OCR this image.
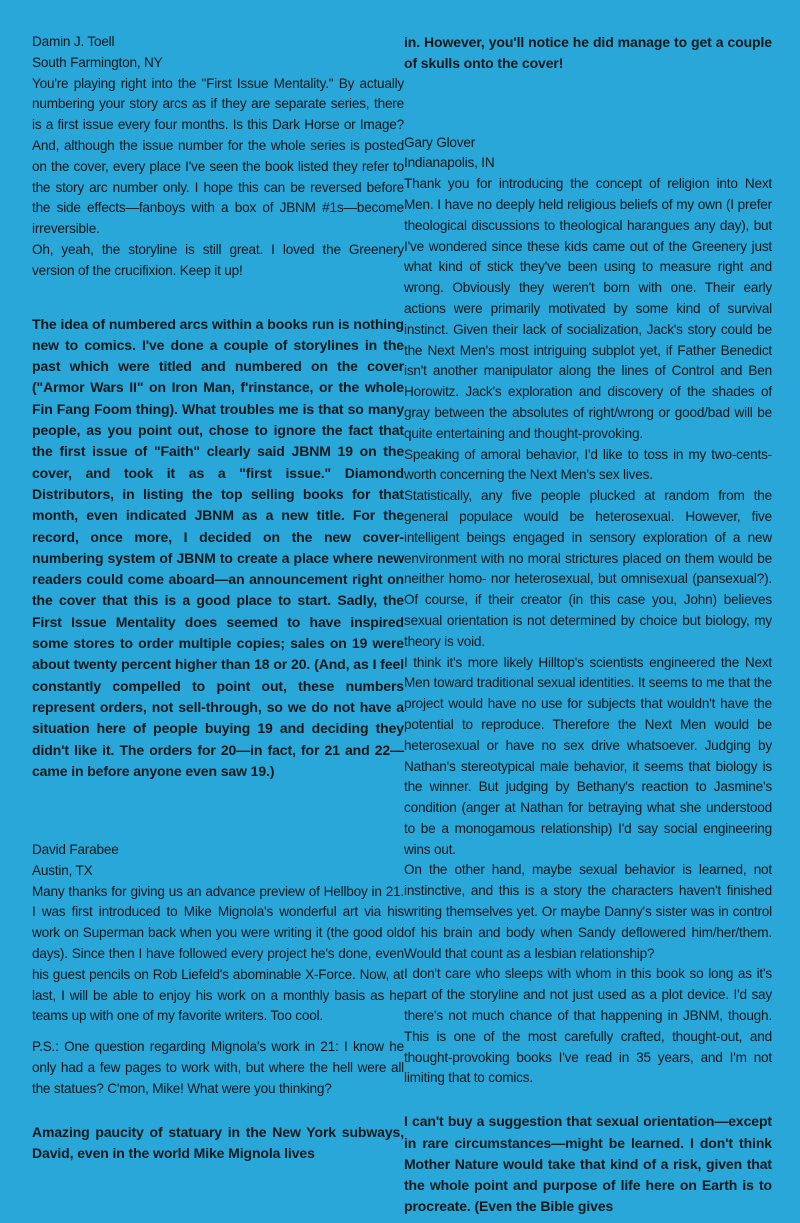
Damin J. Toell

South Farmington, NY

You're playing right into the "First Issue Mentality." By actually numbering your story arcs as if they are separate series, there is a first issue every four months. Is this Dark Horse or Image? And, although the issue number for the whole series is posted on the cover, every place I've seen the book listed they refer to the story arc number only. I hope this can be reversed before the side effects—fanboys with a box of JBNM #1s—become irreversible.

Oh, yeah, the storyline is still great. I loved the Greenery version of the crucifixion. Keep it up!

The idea of numbered arcs within a books run is nothing new to comics. I've done a couple of storylines in the past which were titled and numbered on the cover ("Armor Wars II" on Iron Man, f'rinstance, or the whole Fin Fang Foom thing). What troubles me is that so many people, as you point out, chose to ignore the fact that the first issue of "Faith" clearly said JBNM 19 on the cover, and took it as a "first issue." Diamond Distributors, in listing the top selling books for that month, even indicated JBNM as a new title. For the record, once more, I decided on the new cover-numbering system of JBNM to create a place where new readers could come aboard—an announcement right on the cover that this is a good place to start. Sadly, the First Issue Mentality does seemed to have inspired some stores to order multiple copies; sales on 19 were about twenty percent higher than 18 or 20. (And, as I feel constantly compelled to point out, these numbers represent orders, not sell-through, so we do not have a situation here of people buying 19 and deciding they didn't like it. The orders for 20—in fact, for 21 and 22—came in before anyone even saw 19.)

David Farabee

Austin, TX

Many thanks for giving us an advance preview of Hellboy in 21. I was first introduced to Mike Mignola's wonderful art via his work on Superman back when you were writing it (the good old days). Since then I have followed every project he's done, even his guest pencils on Rob Liefeld's abominable X-Force. Now, at last, I will be able to enjoy his work on a monthly basis as he teams up with one of my favorite writers. Too cool.

P.S.: One question regarding Mignola's work in 21: I know he only had a few pages to work with, but where the hell were all the statues? C'mon, Mike! What were you thinking?

Amazing paucity of statuary in the New York subways, David, even in the world Mike Mignola lives

in. However, you'll notice he did manage to get a couple of skulls onto the cover!

Gary Glover

Indianapolis, IN

Thank you for introducing the concept of religion into Next Men. I have no deeply held religious beliefs of my own (I prefer theological discussions to theological harangues any day), but I've wondered since these kids came out of the Greenery just what kind of stick they've been using to measure right and wrong. Obviously they weren't born with one. Their early actions were primarily motivated by some kind of survival instinct. Given their lack of socialization, Jack's story could be the Next Men's most intriguing subplot yet, if Father Benedict isn't another manipulator along the lines of Control and Ben Horowitz. Jack's exploration and discovery of the shades of gray between the absolutes of right/wrong or good/bad will be quite entertaining and thought-provoking.

Speaking of amoral behavior, I'd like to toss in my two-cents-worth concerning the Next Men's sex lives.

Statistically, any five people plucked at random from the general populace would be heterosexual. However, five intelligent beings engaged in sensory exploration of a new environment with no moral strictures placed on them would be neither homo- nor heterosexual, but omnisexual (pansexual?). Of course, if their creator (in this case you, John) believes sexual orientation is not determined by choice but biology, my theory is void.

I think it's more likely Hilltop's scientists engineered the Next Men toward traditional sexual identities. It seems to me that the project would have no use for subjects that wouldn't have the potential to reproduce. Therefore the Next Men would be heterosexual or have no sex drive whatsoever. Judging by Nathan's stereotypical male behavior, it seems that biology is the winner. But judging by Bethany's reaction to Jasmine's condition (anger at Nathan for betraying what she understood to be a monogamous relationship) I'd say social engineering wins out.

On the other hand, maybe sexual behavior is learned, not instinctive, and this is a story the characters haven't finished writing themselves yet. Or maybe Danny's sister was in control of his brain and body when Sandy deflowered him/her/them. Would that count as a lesbian relationship?

I don't care who sleeps with whom in this book so long as it's part of the storyline and not just used as a plot device. I'd say there's not much chance of that happening in JBNM, though. This is one of the most carefully crafted, thought-out, and thought-provoking books I've read in 35 years, and I'm not limiting that to comics.

I can't buy a suggestion that sexual orientation—except in rare circumstances—might be learned. I don't think Mother Nature would take that kind of a risk, given that the whole point and purpose of life here on Earth is to procreate. (Even the Bible gives
